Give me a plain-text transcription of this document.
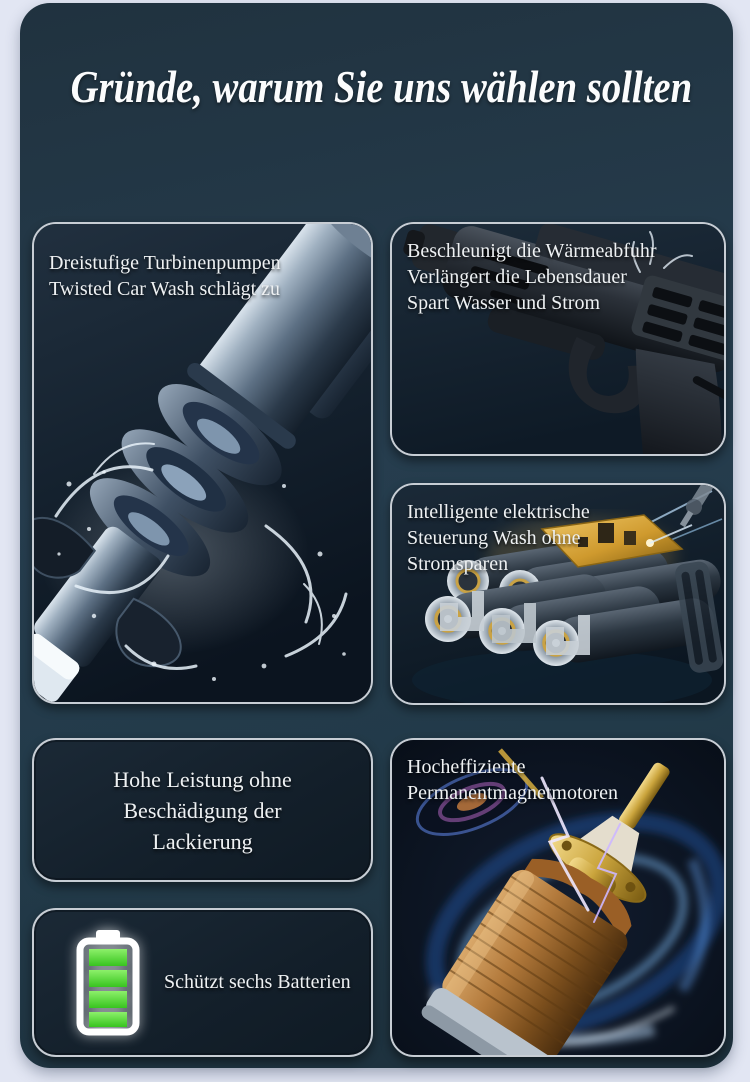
Gründe, warum Sie uns wählen sollten
Dreistufige Turbinenpumpen
Twisted Car Wash schlägt zu
Beschleunigt die Wärmeabfuhr
Verlängert die Lebensdauer
Spart Wasser und Strom
Intelligente elektrische
Steuerung Wash ohne
Stromsparen
Hohe Leistung ohne
Beschädigung der
Lackierung
Schützt sechs Batterien
Hocheffiziente
Permanentmagnetmotoren
